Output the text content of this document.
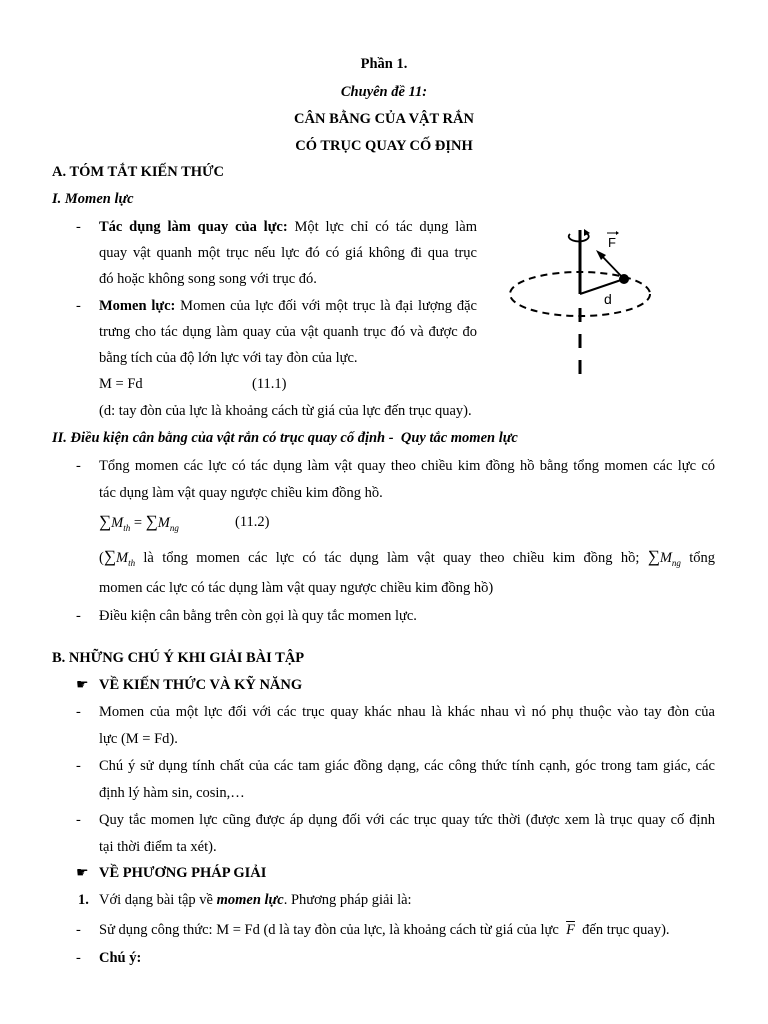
Phần 1.
Chuyên đề 11:
CÂN BẰNG CỦA VẬT RẮN
CÓ TRỤC QUAY CỐ ĐỊNH
A. TÓM TẮT KIẾN THỨC
I. Momen lực
- Tác dụng làm quay của lực: Một lực chỉ có tác dụng làm
quay vật quanh một trục nếu lực đó có giá không đi qua trục
đó hoặc không song song với trục đó.
- Momen lực: Momen của lực đối với một trục là đại lượng đặc
trưng cho tác dụng làm quay của vật quanh trục đó và được đo
bằng tích của độ lớn lực với tay đòn của lực.
M = Fd	(11.1)
(d: tay đòn của lực là khoảng cách từ giá của lực đến trục quay).
F
d
II. Điều kiện cân bằng của vật rắn có trục quay cố định - Quy tắc momen lực
- Tổng momen các lực có tác dụng làm vật quay theo chiều kim đồng hồ bằng tổng momen các lực có
tác dụng làm vật quay ngược chiều kim đồng hồ.
$\sum M_{th} = \sum M_{ng}$	(11.2)
($\sum M_{th}$ là tổng momen các lực có tác dụng làm vật quay theo chiều kim đồng hồ; $\sum M_{ng}$ tổng
momen các lực có tác dụng làm vật quay ngược chiều kim đồng hồ)
- Điều kiện cân bằng trên còn gọi là quy tắc momen lực.
B. NHỮNG CHÚ Ý KHI GIẢI BÀI TẬP
☛ VỀ KIẾN THỨC VÀ KỸ NĂNG
- Momen của một lực đối với các trục quay khác nhau là khác nhau vì nó phụ thuộc vào tay đòn của
lực (M = Fd).
- Chú ý sử dụng tính chất của các tam giác đồng dạng, các công thức tính cạnh, góc trong tam giác, các
định lý hàm sin, cosin,…
- Quy tắc momen lực cũng được áp dụng đối với các trục quay tức thời (được xem là trục quay cố định
tại thời điểm ta xét).
☛ VỀ PHƯƠNG PHÁP GIẢI
1. Với dạng bài tập về momen lực. Phương pháp giải là:
- Sử dụng công thức: M = Fd (d là tay đòn của lực, là khoảng cách từ giá của lực $\overline{F}$ đến trục quay).
- Chú ý:
